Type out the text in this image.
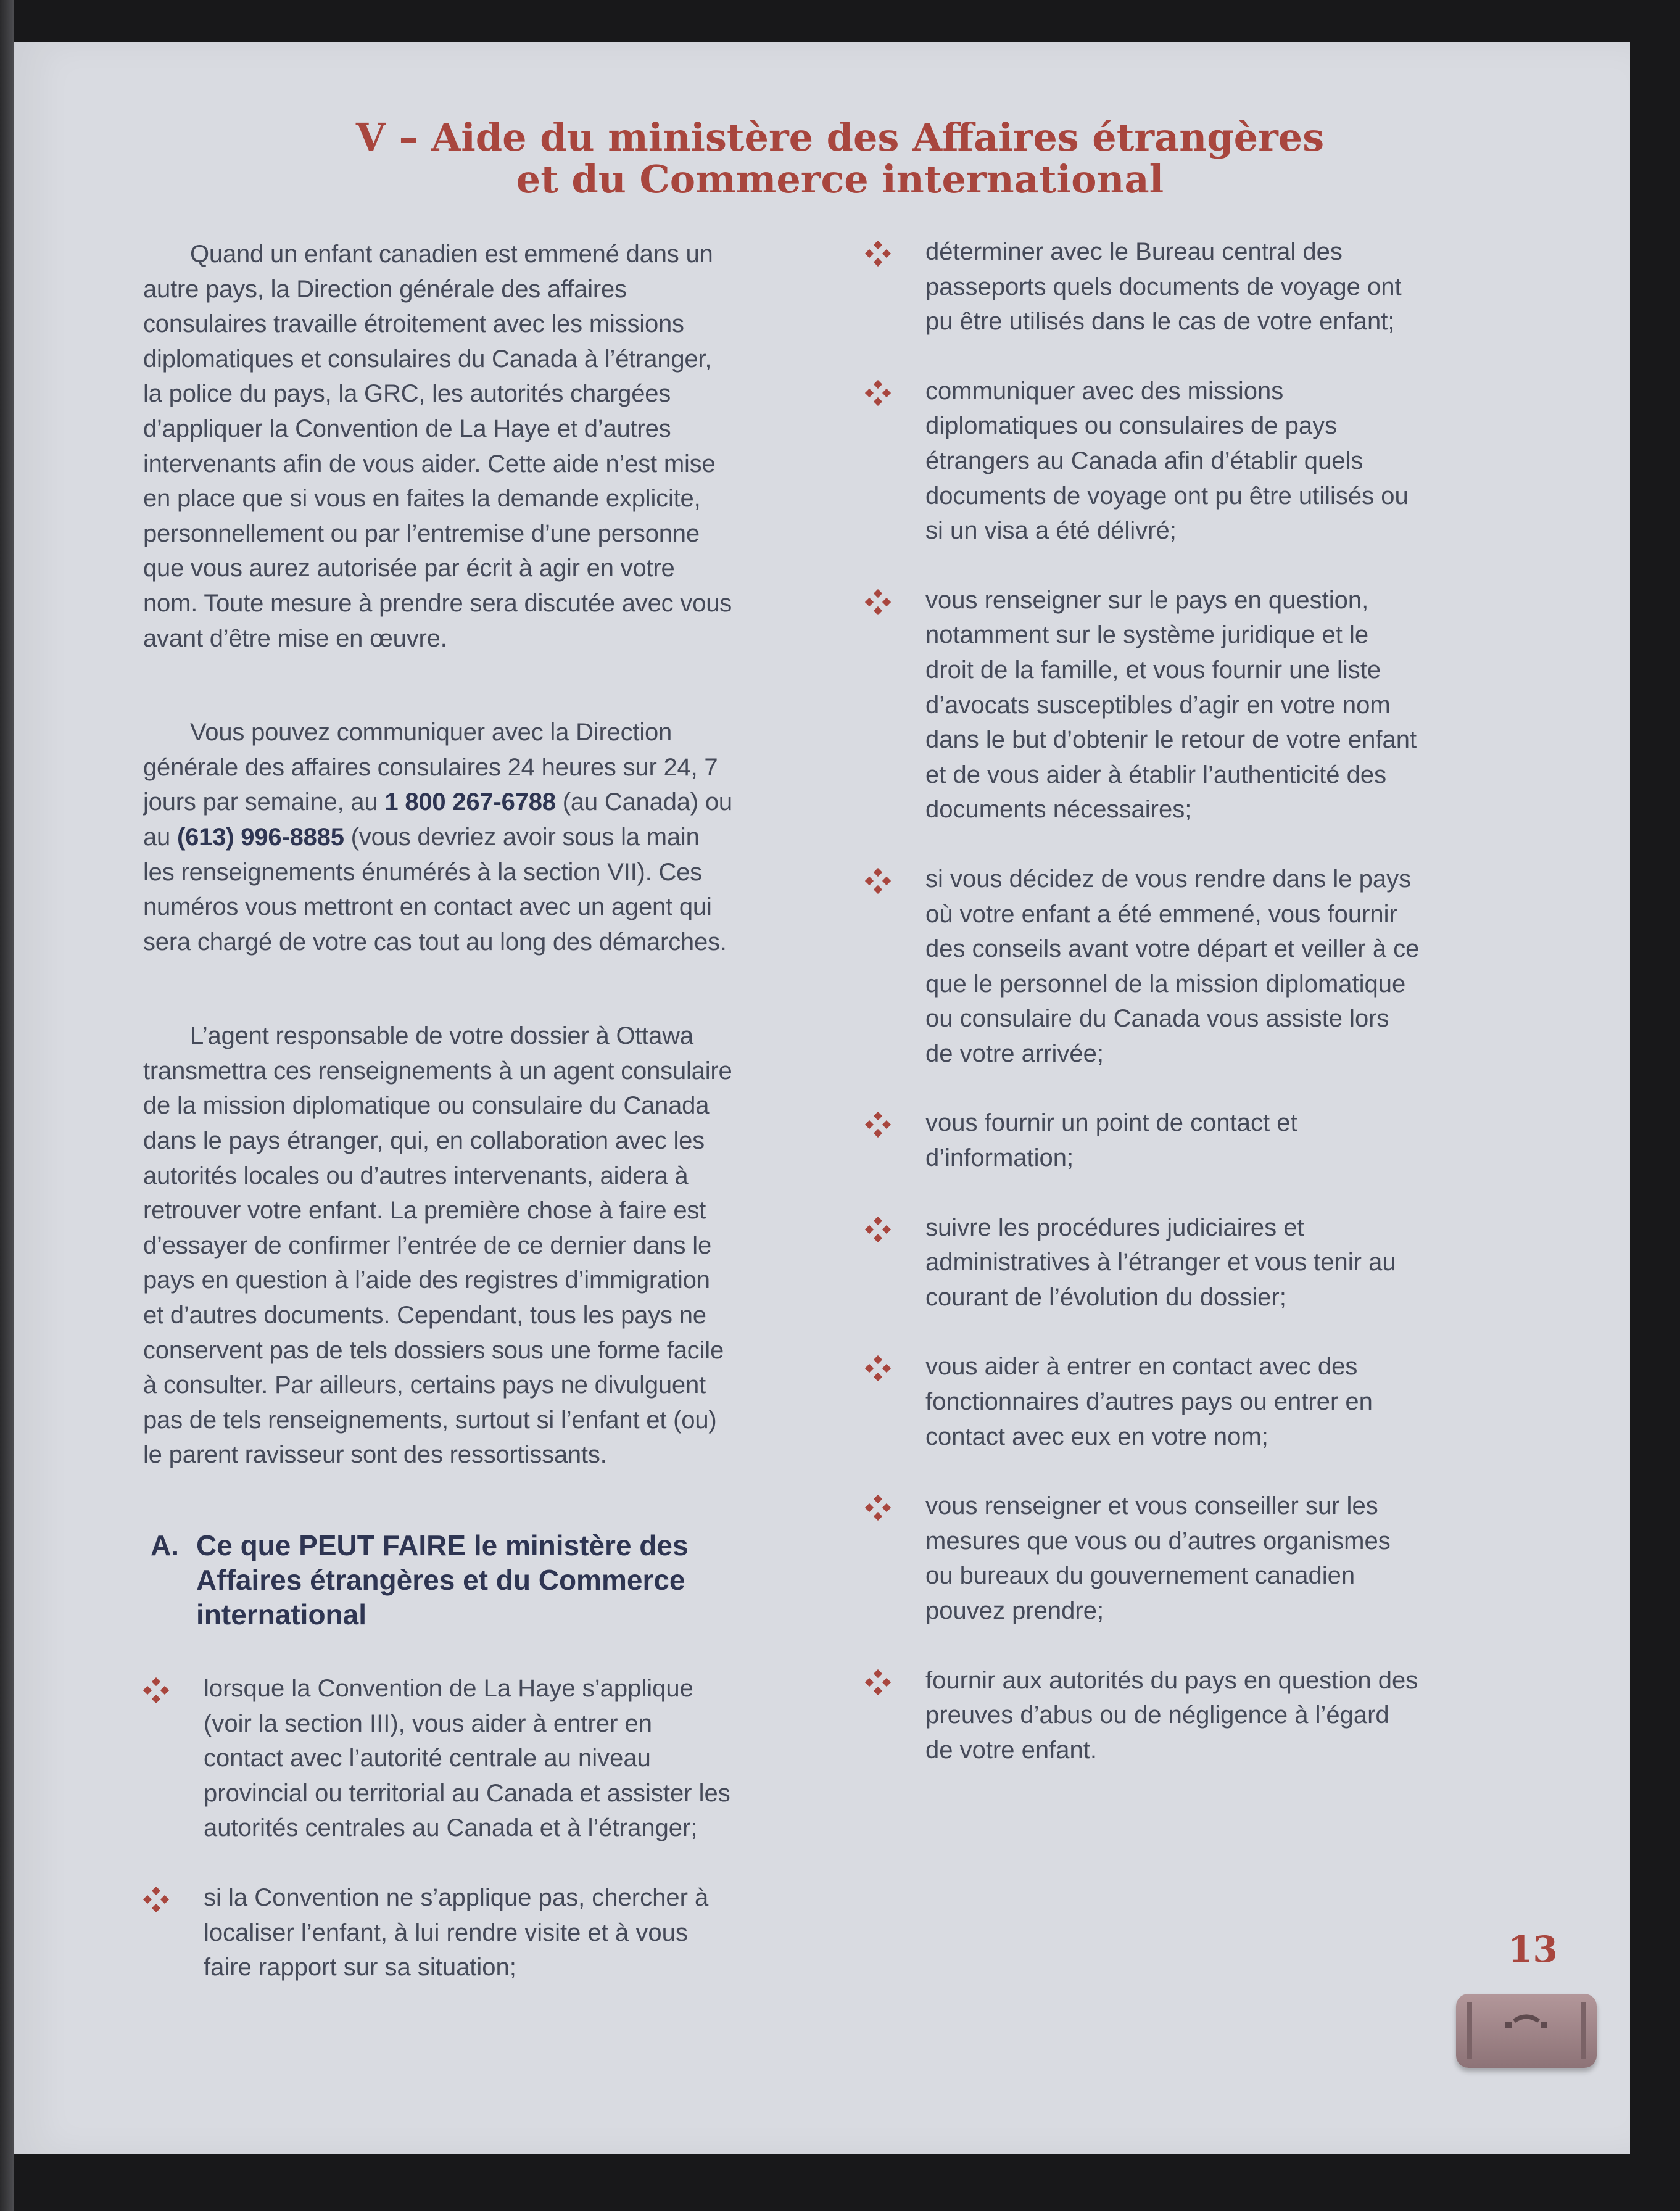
V – Aide du ministère des Affaires étrangères
et du Commerce international

Quand un enfant canadien est emmené dans un autre pays, la Direction générale des affaires consulaires travaille étroitement avec les missions diplomatiques et consulaires du Canada à l’étranger, la police du pays, la GRC, les autorités chargées d’appliquer la Convention de La Haye et d’autres intervenants afin de vous aider. Cette aide n’est mise en place que si vous en faites la demande explicite, personnellement ou par l’entremise d’une personne que vous aurez autorisée par écrit à agir en votre nom. Toute mesure à prendre sera discutée avec vous avant d’être mise en œuvre.

Vous pouvez communiquer avec la Direction générale des affaires consulaires 24 heures sur 24, 7 jours par semaine, au 1 800 267-6788 (au Canada) ou au (613) 996-8885 (vous devriez avoir sous la main les renseignements énumérés à la section VII). Ces numéros vous mettront en contact avec un agent qui sera chargé de votre cas tout au long des démarches.

L’agent responsable de votre dossier à Ottawa transmettra ces renseignements à un agent consulaire de la mission diplomatique ou consulaire du Canada dans le pays étranger, qui, en collaboration avec les autorités locales ou d’autres intervenants, aidera à retrouver votre enfant. La première chose à faire est d’essayer de confirmer l’entrée de ce dernier dans le pays en question à l’aide des registres d’immigration et d’autres documents. Cependant, tous les pays ne conservent pas de tels dossiers sous une forme facile à consulter. Par ailleurs, certains pays ne divulguent pas de tels renseignements, surtout si l’enfant et (ou) le parent ravisseur sont des ressortissants.

A. Ce que PEUT FAIRE le ministère des Affaires étrangères et du Commerce international

lorsque la Convention de La Haye s’applique (voir la section III), vous aider à entrer en contact avec l’autorité centrale au niveau provincial ou territorial au Canada et assister les autorités centrales au Canada et à l’étranger;

si la Convention ne s’applique pas, chercher à localiser l’enfant, à lui rendre visite et à vous faire rapport sur sa situation;

déterminer avec le Bureau central des passeports quels documents de voyage ont pu être utilisés dans le cas de votre enfant;

communiquer avec des missions diplomatiques ou consulaires de pays étrangers au Canada afin d’établir quels documents de voyage ont pu être utilisés ou si un visa a été délivré;

vous renseigner sur le pays en question, notamment sur le système juridique et le droit de la famille, et vous fournir une liste d’avocats susceptibles d’agir en votre nom dans le but d’obtenir le retour de votre enfant et de vous aider à établir l’authenticité des documents nécessaires;

si vous décidez de vous rendre dans le pays où votre enfant a été emmené, vous fournir des conseils avant votre départ et veiller à ce que le personnel de la mission diplomatique ou consulaire du Canada vous assiste lors de votre arrivée;

vous fournir un point de contact et d’information;

suivre les procédures judiciaires et administratives à l’étranger et vous tenir au courant de l’évolution du dossier;

vous aider à entrer en contact avec des fonctionnaires d’autres pays ou entrer en contact avec eux en votre nom;

vous renseigner et vous conseiller sur les mesures que vous ou d’autres organismes ou bureaux du gouvernement canadien pouvez prendre;

fournir aux autorités du pays en question des preuves d’abus ou de négligence à l’égard de votre enfant.

13
